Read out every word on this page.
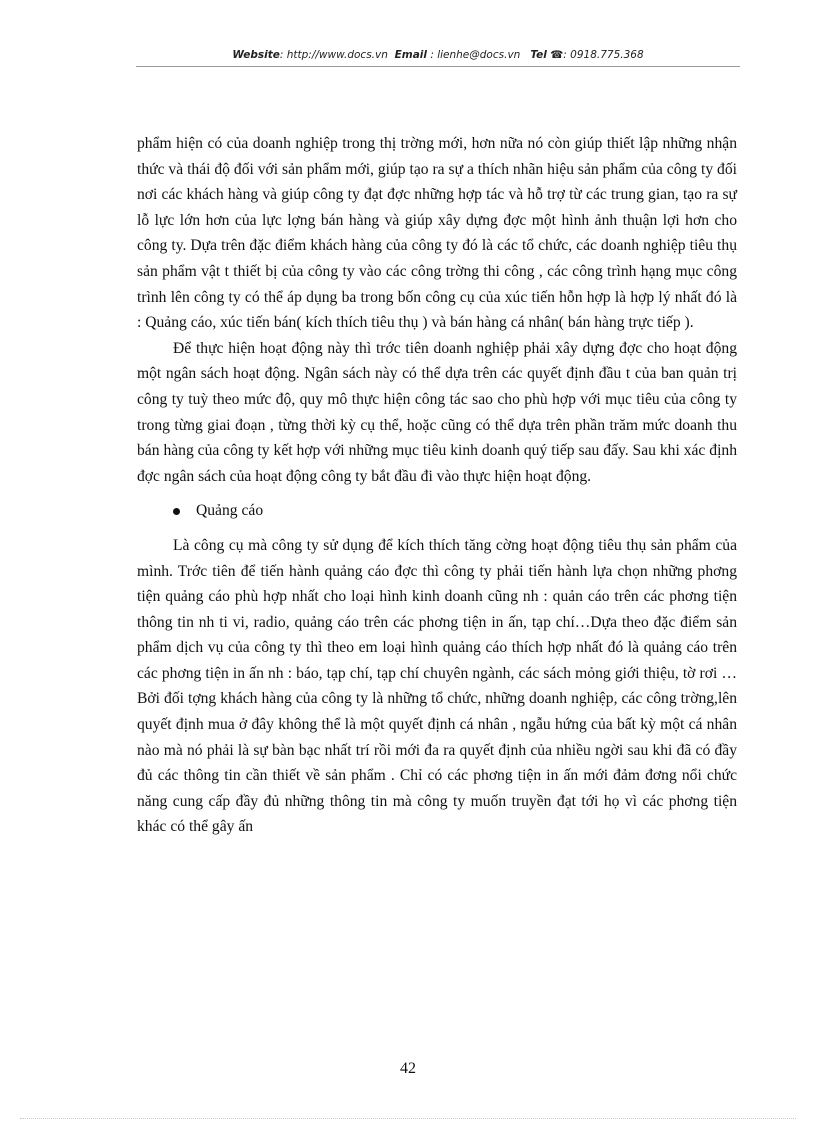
Website: http://www.docs.vn Email : lienhe@docs.vn Tel ☎: 0918.775.368

phẩm hiện có của doanh nghiệp trong thị trờng mới, hơn nữa nó còn giúp thiết lập những nhận thức và thái độ đối với sản phẩm mới, giúp tạo ra sự a thích nhãn hiệu sản phẩm của công ty đối nơi các khách hàng và giúp công ty đạt đợc những hợp tác và hỗ trợ từ các trung gian, tạo ra sự lỗ lực lớn hơn của lực lợng bán hàng và giúp xây dựng đợc một hình ảnh thuận lợi hơn cho công ty. Dựa trên đặc điểm khách hàng của công ty đó là các tổ chức, các doanh nghiệp tiêu thụ sản phẩm vật t thiết bị của công ty vào các công trờng thi công , các công trình hạng mục công trình lên công ty có thể áp dụng ba trong bốn công cụ của xúc tiến hỗn hợp là hợp lý nhất đó là : Quảng cáo, xúc tiến bán( kích thích tiêu thụ ) và bán hàng cá nhân( bán hàng trực tiếp ).

Để thực hiện hoạt động này thì trớc tiên doanh nghiệp phải xây dựng đợc cho hoạt động một ngân sách hoạt động. Ngân sách này có thể dựa trên các quyết định đầu t của ban quản trị công ty tuỳ theo mức độ, quy mô thực hiện công tác sao cho phù hợp với mục tiêu của công ty trong từng giai đoạn , từng thời kỳ cụ thể, hoặc cũng có thể dựa trên phần trăm mức doanh thu bán hàng của công ty kết hợp với những mục tiêu kinh doanh quý tiếp sau đấy. Sau khi xác định đợc ngân sách của hoạt động công ty bắt đầu đi vào thực hiện hoạt động.

Quảng cáo

Là công cụ mà công ty sử dụng để kích thích tăng cờng hoạt động tiêu thụ sản phẩm của mình. Trớc tiên để tiến hành quảng cáo đợc thì công ty phải tiến hành lựa chọn những phơng tiện quảng cáo phù hợp nhất cho loại hình kinh doanh cũng nh : quản cáo trên các phơng tiện thông tin nh ti vi, radio, quảng cáo trên các phơng tiện in ấn, tạp chí…Dựa theo đặc điểm sản phẩm dịch vụ của công ty thì theo em loại hình quảng cáo thích hợp nhất đó là quảng cáo trên các phơng tiện in ấn nh : báo, tạp chí, tạp chí chuyên ngành, các sách mỏng giới thiệu, tờ rơi …Bởi đối tợng khách hàng của công ty là những tổ chức, những doanh nghiệp, các công trờng,lên quyết định mua ở đây không thể là một quyết định cá nhân , ngẫu hứng của bất kỳ một cá nhân nào mà nó phải là sự bàn bạc nhất trí rồi mới đa ra quyết định của nhiều ngời sau khi đã có đầy đủ các thông tin cần thiết về sản phẩm . Chỉ có các phơng tiện in ấn mới đảm đơng nổi chức năng cung cấp đầy đủ những thông tin mà công ty muốn truyền đạt tới họ vì các phơng tiện khác có thể gây ấn

42
